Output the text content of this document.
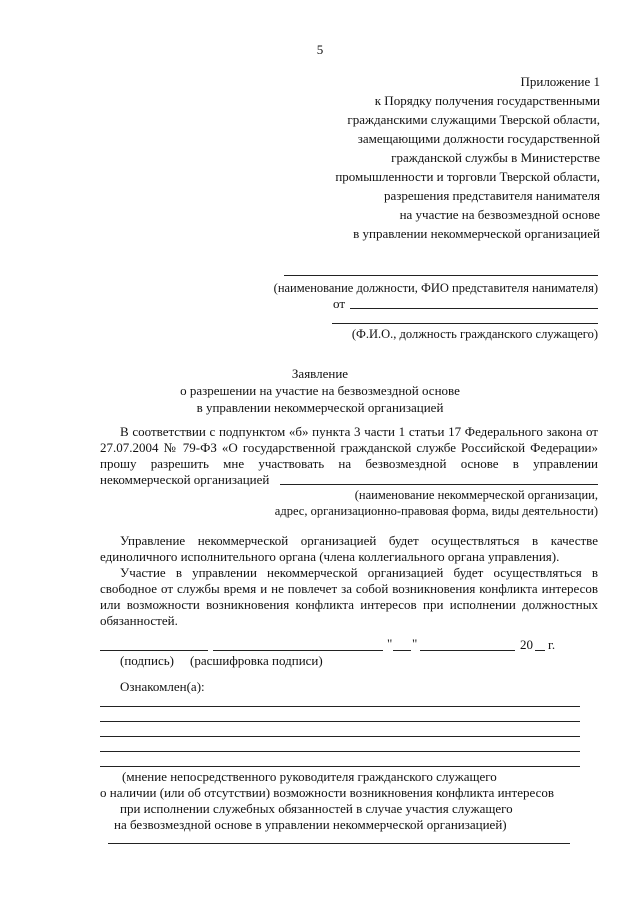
5
Приложение 1
к Порядку получения государственными
гражданскими служащими Тверской области,
замещающими должности государственной
гражданской службы в Министерстве
промышленности и торговли Тверской области,
разрешения представителя нанимателя
на участие на безвозмездной основе
в управлении некоммерческой организацией
(наименование должности, ФИО представителя нанимателя)
от
(Ф.И.О., должность гражданского служащего)
Заявление
о разрешении на участие на безвозмездной основе
в управлении некоммерческой организацией
В соответствии с подпунктом «б» пункта 3 части 1 статьи 17 Федерального закона от
27.07.2004 № 79-ФЗ «О государственной гражданской службе Российской Федерации»
прошу разрешить мне участвовать на безвозмездной основе в управлении
некоммерческой организацией
(наименование некоммерческой организации,
адрес, организационно-правовая форма, виды деятельности)
Управление некоммерческой организацией будет осуществляться в качестве
единоличного исполнительного органа (члена коллегиального органа управления).
Участие в управлении некоммерческой организацией будет осуществляться в
свободное от службы время и не повлечет за собой возникновения конфликта интересов
или возможности возникновения конфликта интересов при исполнении должностных
обязанностей.
" "	20 г.
(подпись) (расшифровка подписи)
Ознакомлен(а):
(мнение непосредственного руководителя гражданского служащего
о наличии (или об отсутствии) возможности возникновения конфликта интересов
при исполнении служебных обязанностей в случае участия служащего
на безвозмездной основе в управлении некоммерческой организацией)
